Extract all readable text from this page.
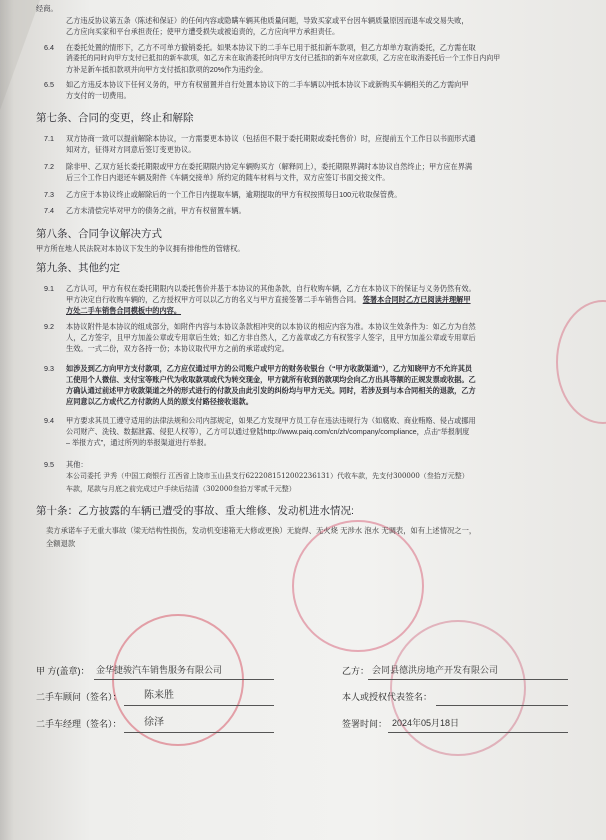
经商。
乙方违反协议第五条（陈述和保证）的任何内容或隐瞒车辆其他质量问题，导致买家或平台因车辆质量原因而退车或交易失败，
乙方应向买家和平台承担责任；使甲方遭受损失或被追责的，乙方应向甲方承担责任。
6.4 在委托处置的情形下，乙方不可单方撤销委托。如果本协议下的二手车已用于抵扣新车款项，但乙方却单方取消委托，乙方需在取
消委托的同时向甲方支付已抵扣的新车款项，如乙方未在取消委托时向甲方支付已抵扣的新车对应款项，乙方应在取消委托后一个工作日内向甲
方补足新车抵扣款项并向甲方支付抵扣款项的20%作为违约金。
6.5 如乙方违反本协议下任何义务的，甲方有权留置并自行处置本协议下的二手车辆以冲抵本协议下或新购买车辆相关的乙方需向甲
方支付的一切费用。
第七条、合同的变更，终止和解除
7.1 双方协商一致可以提前解除本协议，一方需要更本协议（包括但不限于委托期限或委托售价）时，应提前五个工作日以书面形式通
知对方，征得对方同意后签订变更协议。
7.2 除非甲、乙双方延长委托期限或甲方在委托期限内协定车辆购买方（解释同上），委托期限界满时本协议自然终止；甲方应在界满
后三个工作日内退还车辆及附件《车辆交接单》所约定的随车材料与文件，双方应签订书面交接文件。
7.3 乙方应于本协议终止或解除后的一个工作日内提取车辆，逾期提取的甲方有权按照每日100元收取保管费。
7.4 乙方未清偿完毕对甲方的债务之前，甲方有权留置车辆。
第八条、合同争议解决方式
甲方所在地人民法院对本协议下发生的争议拥有排他性的管辖权。
第九条、其他约定
9.1 乙方认可，甲方有权在委托期限内以委托售价并基于本协议的其他条款，自行收购车辆，乙方在本协议下的保证与义务仍然有效。
甲方决定自行收购车辆的，乙方授权甲方可以以乙方的名义与甲方直接签署二手车销售合同。 签署本合同时乙方已阅读并理解甲
方处二手车销售合同模板中的内容。
9.2 本协议附件是本协议的组成部分，如附件内容与本协议条款相冲突的以本协议的相应内容为准。本协议生效条件为：如乙方为自然
人，乙方签字，且甲方加盖公章或专用章后生效；如乙方非自然人，乙方盖章或乙方有权签字人签字，且甲方加盖公章或专用章后
生效。一式二份，双方各持一份；本协议取代甲方之前的承诺或约定。
9.3 如涉及到乙方向甲方支付款项，乙方应仅通过甲方的公司账户或甲方的财务收银台（“甲方收款渠道”），乙方知晓甲方不允许其员
工使用个人微信、支付宝等账户代为收取款项或代为转交现金，甲方就所有收到的款项均会向乙方出具等额的正规发票或收据。乙
方确认通过前述甲方收款渠道之外的形式进行的付款及由此引发的纠纷均与甲方无关。同时，若涉及到与本合同相关的退款，乙方
应同意以乙方或代乙方付款的人员的原支付路径接收退款。
9.4 甲方要求其员工遵守适用的法律法规和公司内部规定，如果乙方发现甲方员工存在违法违规行为（如腐败、商业贿赂、侵占或挪用
公司财产、洗钱、数据泄露、侵犯人权等），乙方可以通过登陆http://www.paiq.com/cn/zh/company/compliance，点击“举报制度
– 举报方式”，通过所列的举报渠道进行举报。
9.5 其他：
本公司委托 尹秀（中国工商银行 江西省上饶市玉山县支行622208151200223613​1）代收车款，先支付300000（叁拾万元整）
车款，尾款与月底之前完成过户手续后结清（302000叁拾万零贰千元整）
第十条：乙方披露的车辆已遭受的事故、重大维修、发动机进水情况:
卖方承诺车子无重大事故（梁无结构性损伤，发动机变速箱无大修或更换）无旋焊、无火烧 无涉水 泡水 无调表，如有上述情况之一，
全额退款
甲 方(盖章)： 金华捷骏汽车销售服务有限公司
二手车顾问（签名）： 陈来胜
二手车经理（签名）： 徐泽
乙方： 会同县德洪房地产开发有限公司
本人或授权代表签名：
签署时间： 2024年05月18日
